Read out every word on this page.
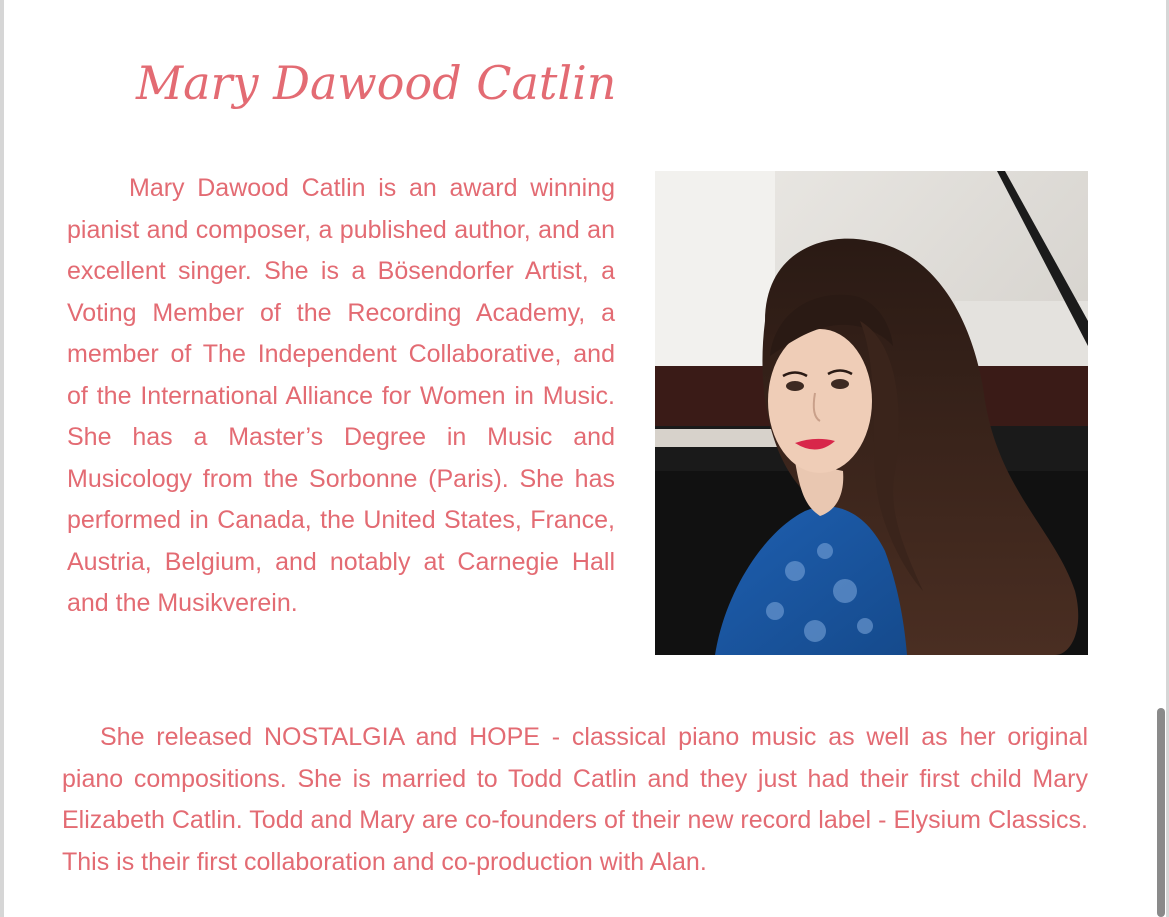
Mary Dawood Catlin
Mary Dawood Catlin is an award winning pianist and composer, a published author, and an excellent singer. She is a Bösendorfer Artist, a Voting Member of the Recording Academy, a member of The Independent Collaborative, and of the International Alliance for Women in Music. She has a Master’s Degree in Music and Musicology from the Sorbonne (Paris). She has performed in Canada, the United States, France, Austria, Belgium, and notably at Carnegie Hall and the Musikverein.
She released NOSTALGIA and HOPE - classical piano music as well as her original piano compositions. She is married to Todd Catlin and they just had their first child Mary Elizabeth Catlin. Todd and Mary are co-founders of their new record label - Elysium Classics. This is their first collaboration and co-production with Alan.
